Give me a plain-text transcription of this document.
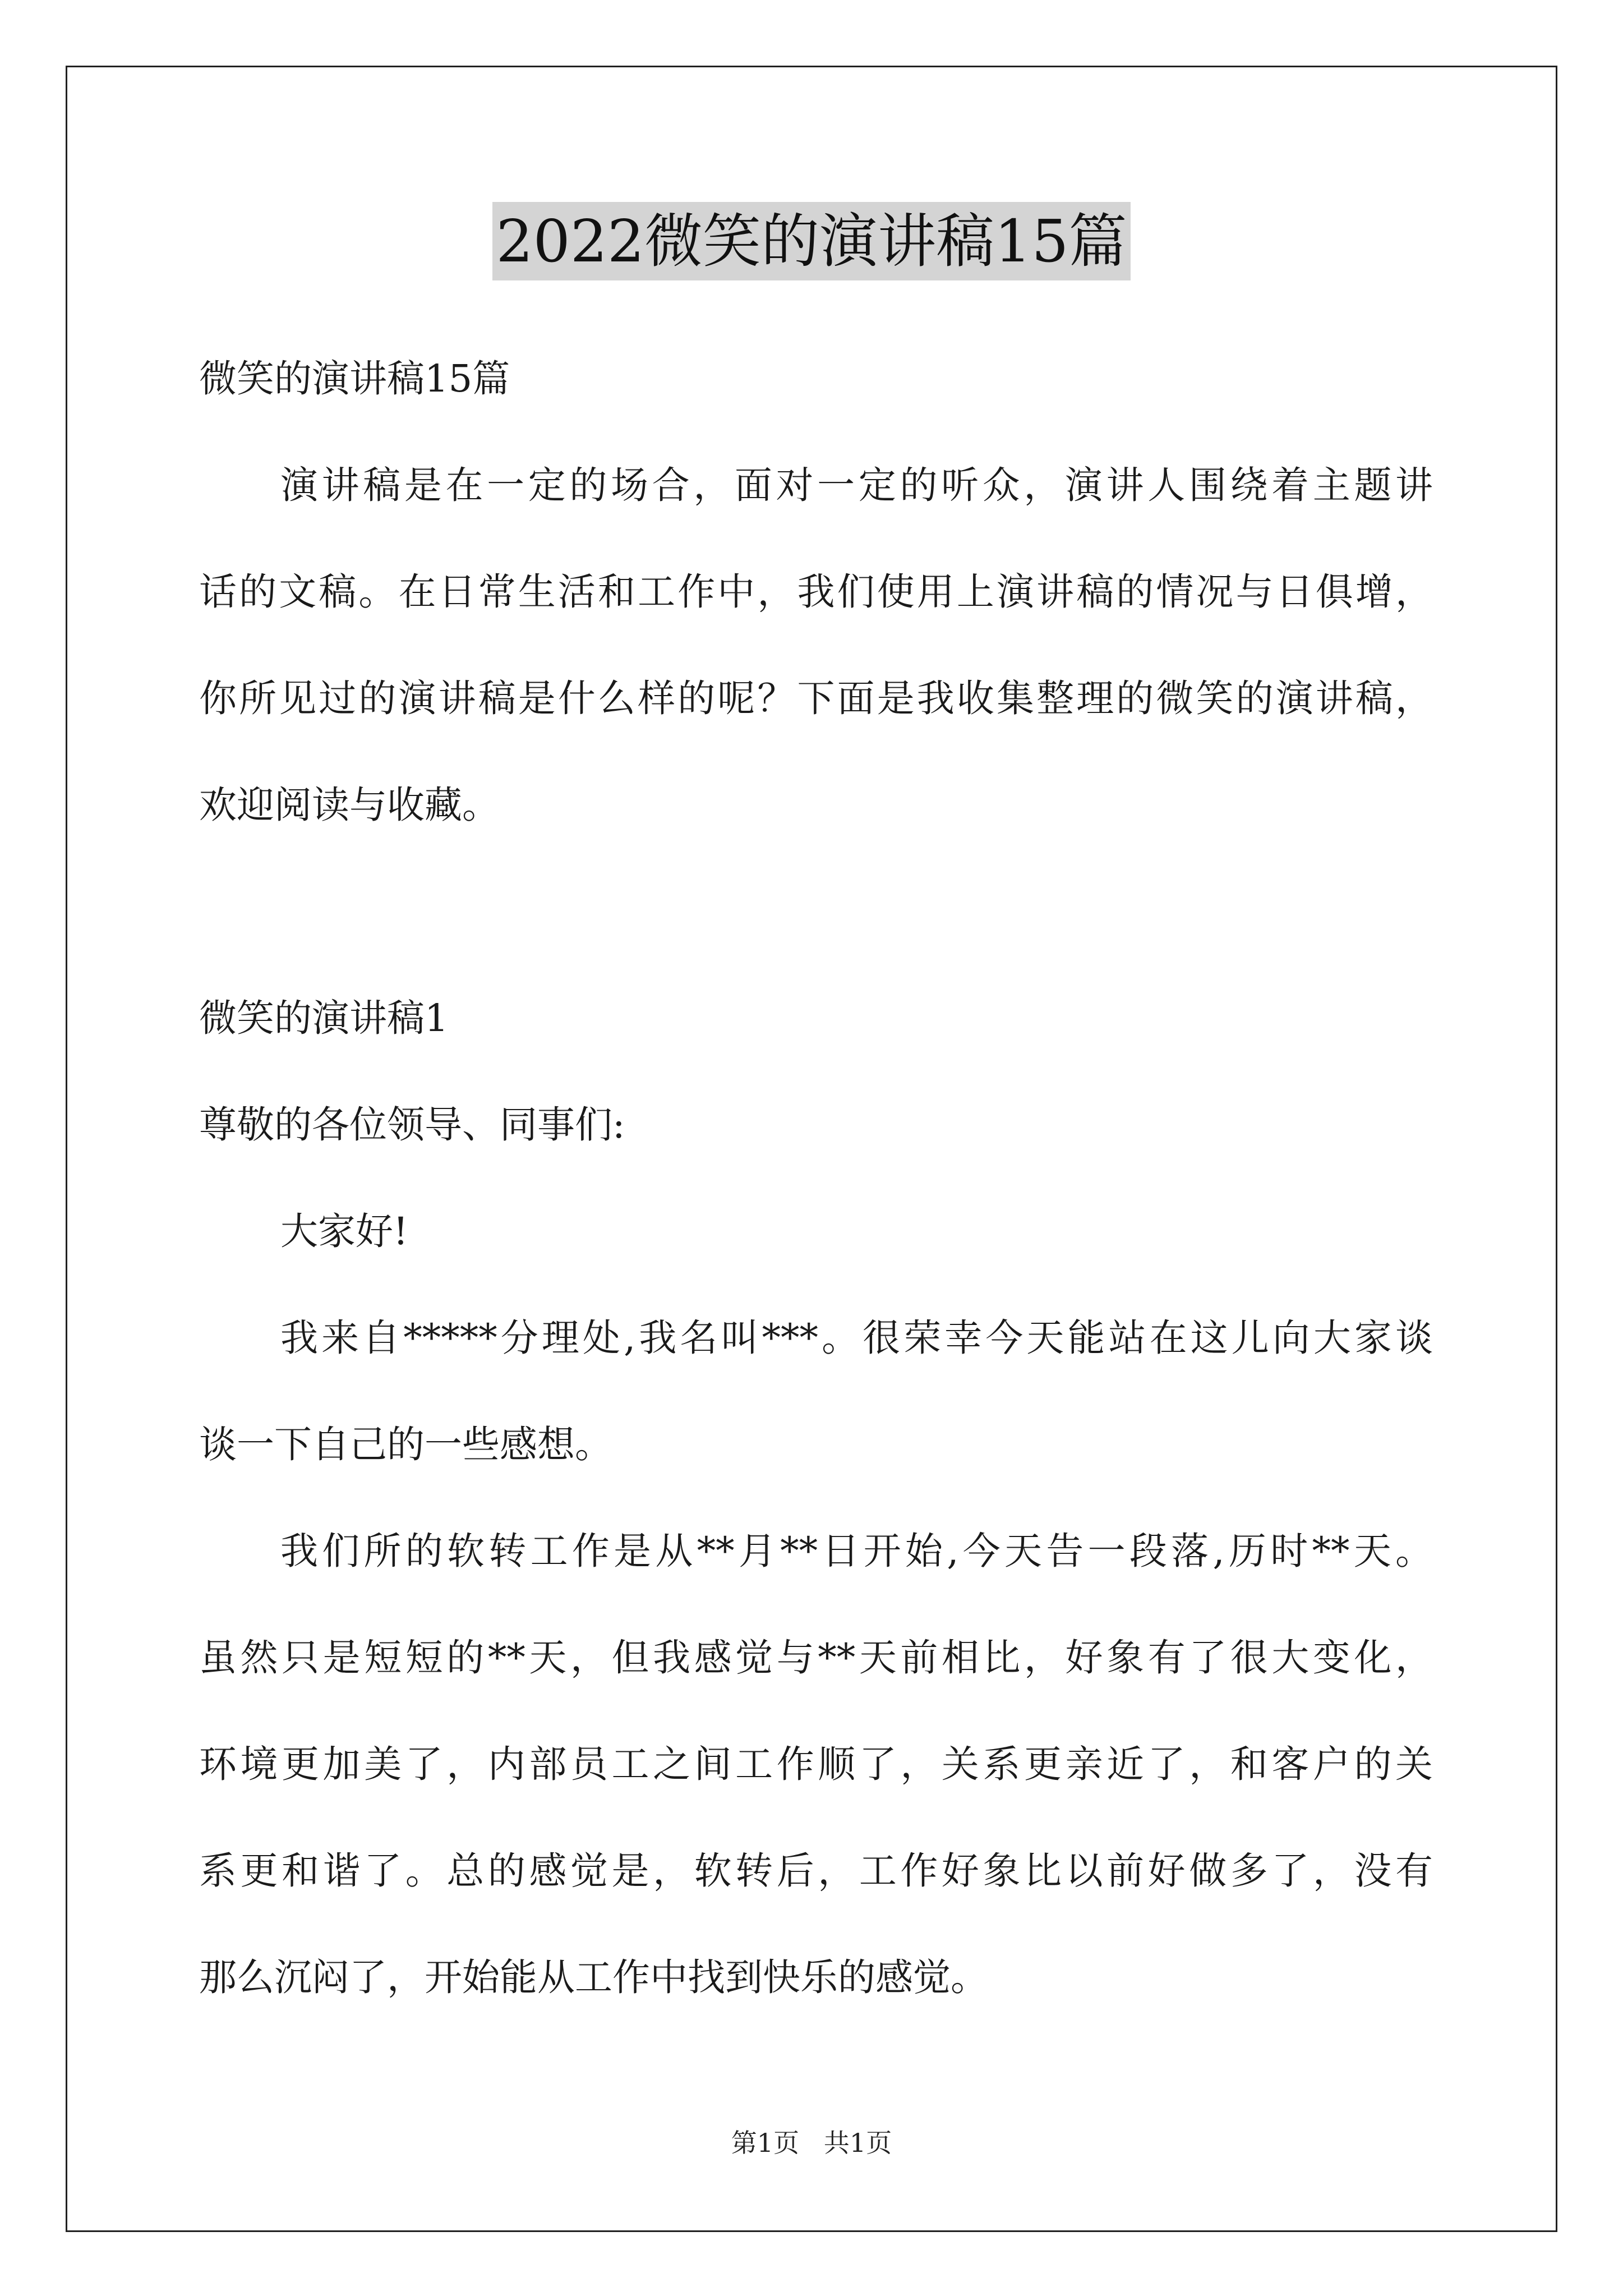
2022微笑的演讲稿15篇
微笑的演讲稿15篇
演讲稿是在一定的场合，面对一定的听众，演讲人围绕着主题讲
话的文稿。在日常生活和工作中，我们使用上演讲稿的情况与日俱增，
你所见过的演讲稿是什么样的呢？下面是我收集整理的微笑的演讲稿，
欢迎阅读与收藏。
微笑的演讲稿1
尊敬的各位领导、同事们:
大家好!
我来自*****分理处,我名叫***。很荣幸今天能站在这儿向大家谈
谈一下自己的一些感想。
我们所的软转工作是从**月**日开始,今天告一段落,历时**天。
虽然只是短短的**天，但我感觉与**天前相比，好象有了很大变化，
环境更加美了，内部员工之间工作顺了，关系更亲近了，和客户的关
系更和谐了。总的感觉是，软转后，工作好象比以前好做多了，没有
那么沉闷了，开始能从工作中找到快乐的感觉。
第1页   共1页
